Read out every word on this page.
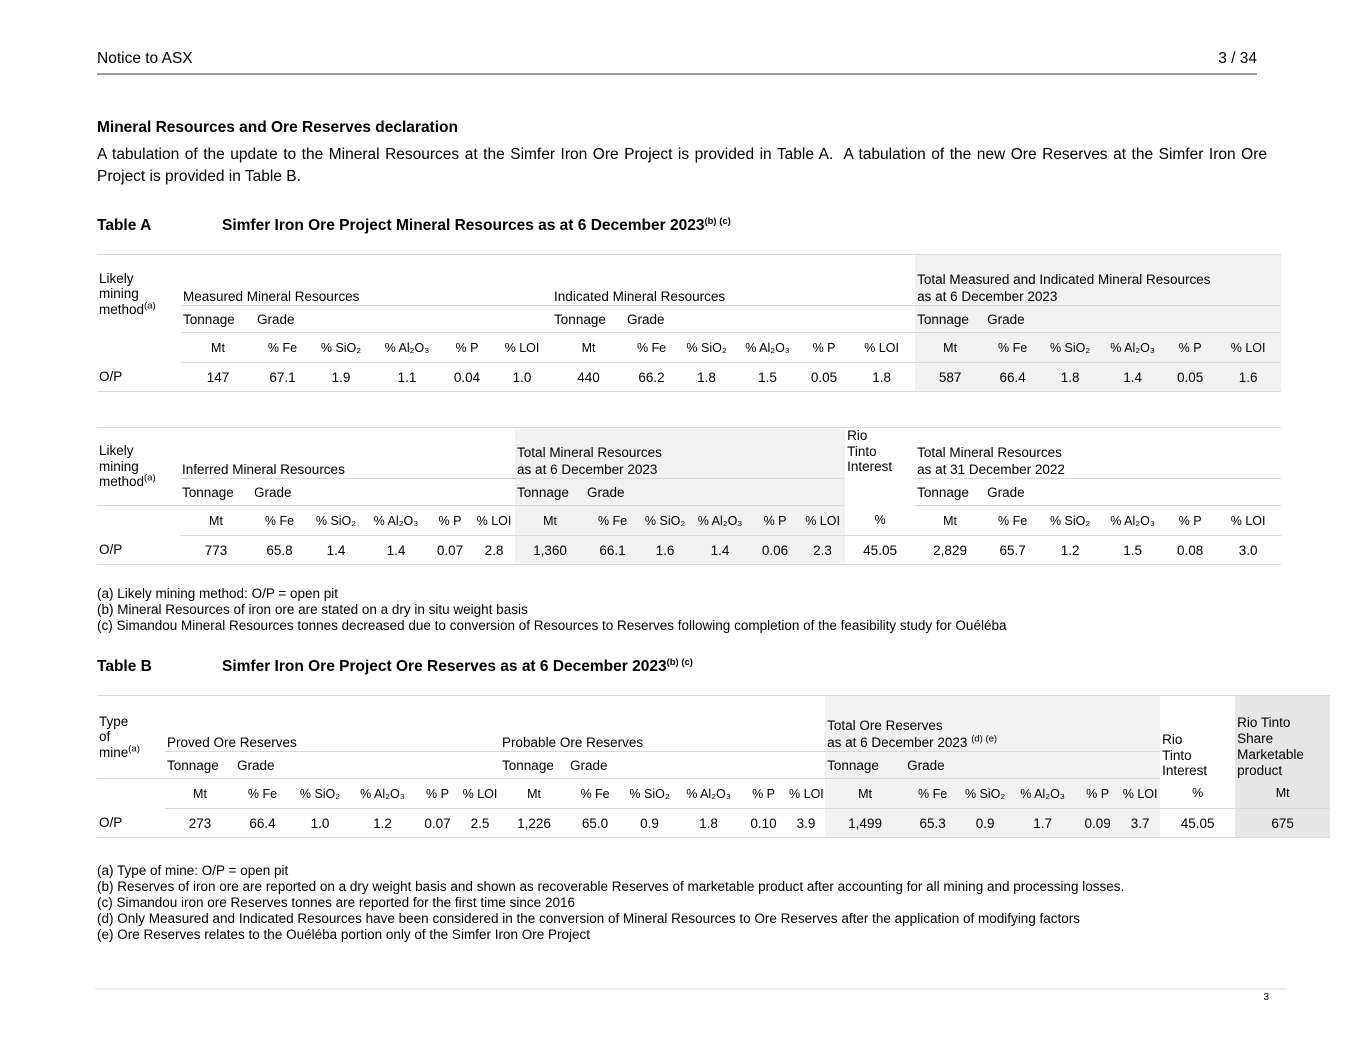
Notice to ASX	3 / 34
Mineral Resources and Ore Reserves declaration

A tabulation of the update to the Mineral Resources at the Simfer Iron Ore Project is provided in Table A.  A tabulation of the new Ore Reserves at the Simfer Iron Ore Project is provided in Table B.

Table A	Simfer Iron Ore Project Mineral Resources as at 6 December $2023^{(b) (c)}$
Likely
mining
method$^{(a)}$	Measured Mineral Resources						Indicated Mineral Resources						Total Measured and Indicated Mineral Resources
as at 6 December 2023					

	Tonnage	Grade					Tonnage	Grade					Tonnage	Grade				
	Mt	% Fe	% SiO₂	% Al₂O₃	% P	% LOI	Mt	% Fe	% SiO₂	% Al₂O₃	% P	% LOI	Mt	% Fe	% SiO₂	% Al₂O₃	% P	% LOI
O/P	147	67.1	1.9	1.1	0.04	1.0	440	66.2	1.8	1.5	0.05	1.8	587	66.4	1.8	1.4	0.05	1.6
Likely
mining
method$^{(a)}$	Inferred Mineral Resources						Total Mineral Resources
as at 6 December 2023						Rio
Tinto
Interest	Total Mineral Resources
as at 31 December 2022					

	Tonnage	Grade					Tonnage	Grade						Tonnage	Grade				
	Mt	% Fe	% SiO₂	% Al₂O₃	% P	% LOI	Mt	% Fe	% SiO₂	% Al₂O₃	% P	% LOI	%	Mt	% Fe	% SiO₂	% Al₂O₃	% P	% LOI
O/P	773	65.8	1.4	1.4	0.07	2.8	1,360	66.1	1.6	1.4	0.06	2.3	45.05	2,829	65.7	1.2	1.5	0.08	3.0
(a) Likely mining method: O/P = open pit
(b) Mineral Resources of iron ore are stated on a dry in situ weight basis
(c) Simandou Mineral Resources tonnes decreased due to conversion of Resources to Reserves following completion of the feasibility study for Ouéléba
Table B	Simfer Iron Ore Project Ore Reserves as at 6 December $2023^{(b) (c)}$
Type
of
mine$^{(a)}$	Proved Ore Reserves						Probable Ore Reserves						Total Ore Reserves
as at 6 December 2023 $^{(d) (e)}$						Rio
Tinto
Interest	Rio Tinto
Share
Marketable
product

	Tonnage	Grade					Tonnage	Grade					Tonnage	Grade						
	Mt	% Fe	% SiO₂	% Al₂O₃	% P	% LOI	Mt	% Fe	% SiO₂	% Al₂O₃	% P	% LOI	Mt	% Fe	% SiO₂	% Al₂O₃	% P	% LOI	%	Mt
O/P	273	66.4	1.0	1.2	0.07	2.5	1,226	65.0	0.9	1.8	0.10	3.9	1,499	65.3	0.9	1.7	0.09	3.7	45.05	675
(a) Type of mine: O/P = open pit
(b) Reserves of iron ore are reported on a dry weight basis and shown as recoverable Reserves of marketable product after accounting for all mining and processing losses.
(c) Simandou iron ore Reserves tonnes are reported for the first time since 2016
(d) Only Measured and Indicated Resources have been considered in the conversion of Mineral Resources to Ore Reserves after the application of modifying factors
(e) Ore Reserves relates to the Ouéléba portion only of the Simfer Iron Ore Project
3
